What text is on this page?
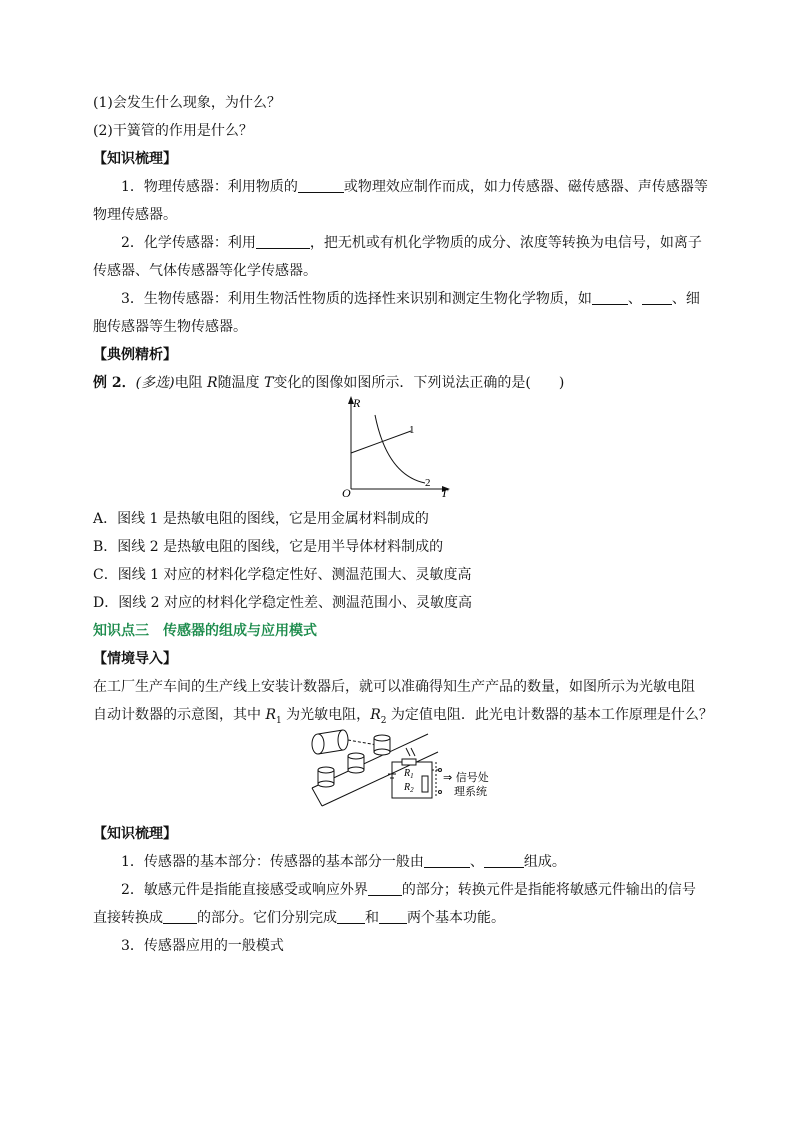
(1)会发生什么现象，为什么？
(2)干簧管的作用是什么？
【知识梳理】
1．物理传感器：利用物质的	或物理效应制作而成，如力传感器、磁传感器、声传感器等
物理传感器。
2．化学传感器：利用	，把无机或有机化学物质的成分、浓度等转换为电信号，如离子
传感器、气体传感器等化学传感器。
3．生物传感器：利用生物活性物质的选择性来识别和测定生物化学物质，如	、 、细
胞传感器等生物传感器。
【典例精析】
例 2．(多选)电阻 R随温度 T变化的图像如图所示．下列说法正确的是(　　)
R
T
O
1
2
A．图线 1 是热敏电阻的图线，它是用金属材料制成的
B．图线 2 是热敏电阻的图线，它是用半导体材料制成的
C．图线 1 对应的材料化学稳定性好、测温范围大、灵敏度高
D．图线 2 对应的材料化学稳定性差、测温范围小、灵敏度高
知识点三　传感器的组成与应用模式
【情境导入】
在工厂生产车间的生产线上安装计数器后，就可以准确得知生产产品的数量，如图所示为光敏电阻
自动计数器的示意图，其中 $R_1$ 为光敏电阻，$R_2$ 为定值电阻．此光电计数器的基本工作原理是什么？
$R_1$
$R_2$
⇒ 信号处
理系统
【知识梳理】
1．传感器的基本部分：传感器的基本部分一般由	、	组成。
2．敏感元件是指能直接感受或响应外界 的部分；转换元件是指能将敏感元件输出的信号
直接转换成 的部分。它们分别完成 和 两个基本功能。
3．传感器应用的一般模式
